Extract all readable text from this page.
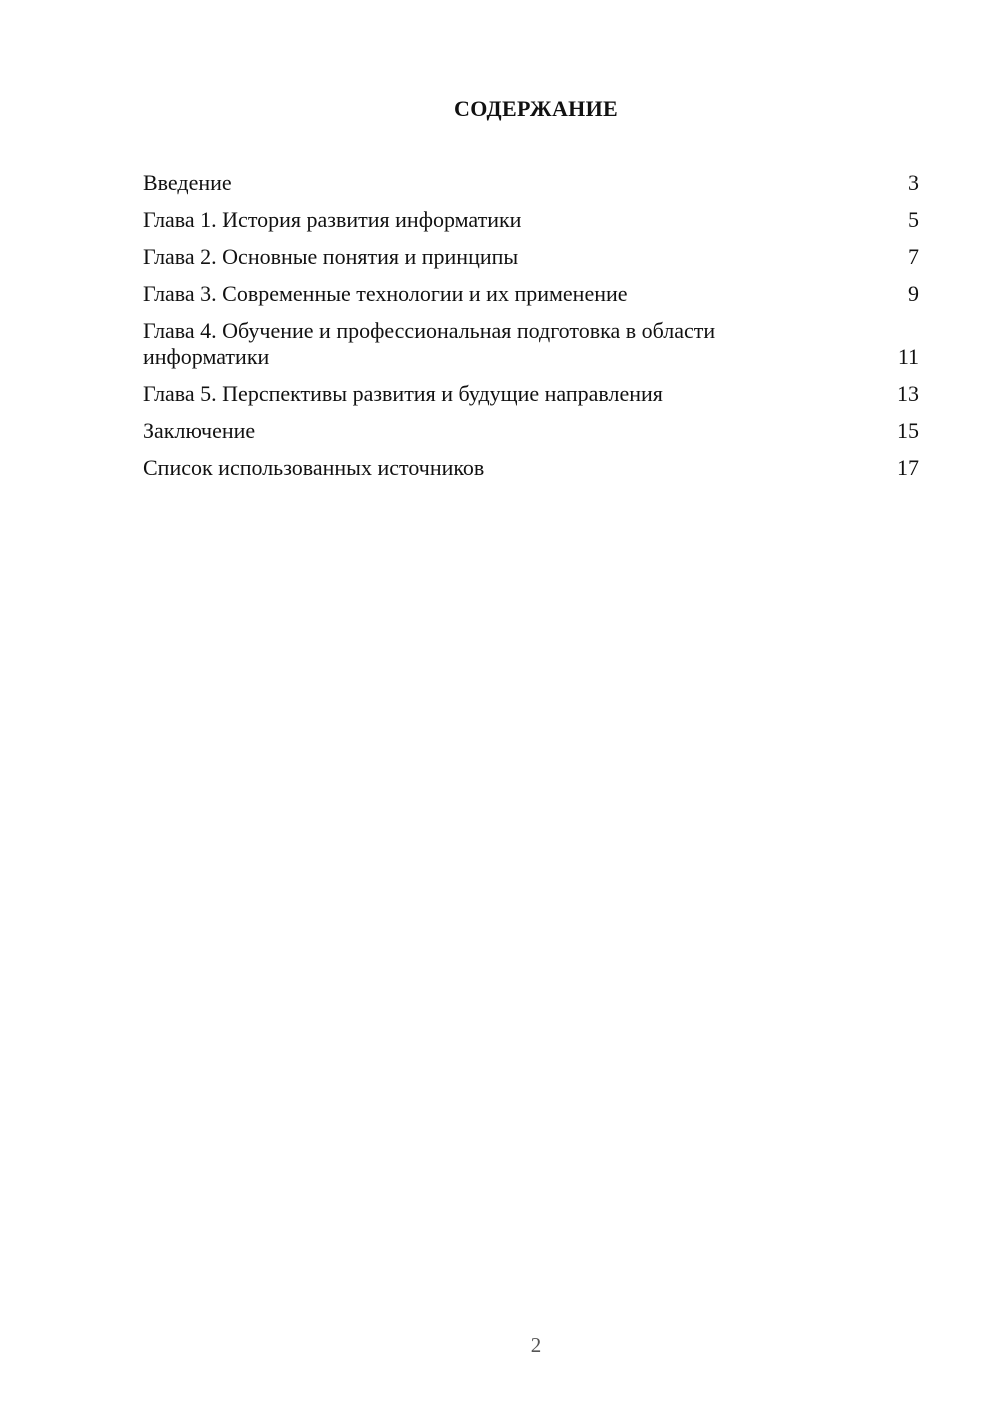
СОДЕРЖАНИЕ
Введение	3
Глава 1. История развития информатики	5
Глава 2. Основные понятия и принципы	7
Глава 3. Современные технологии и их применение	9
Глава 4. Обучение и профессиональная подготовка в области информатики	11
Глава 5. Перспективы развития и будущие направления	13
Заключение	15
Список использованных источников	17
2
